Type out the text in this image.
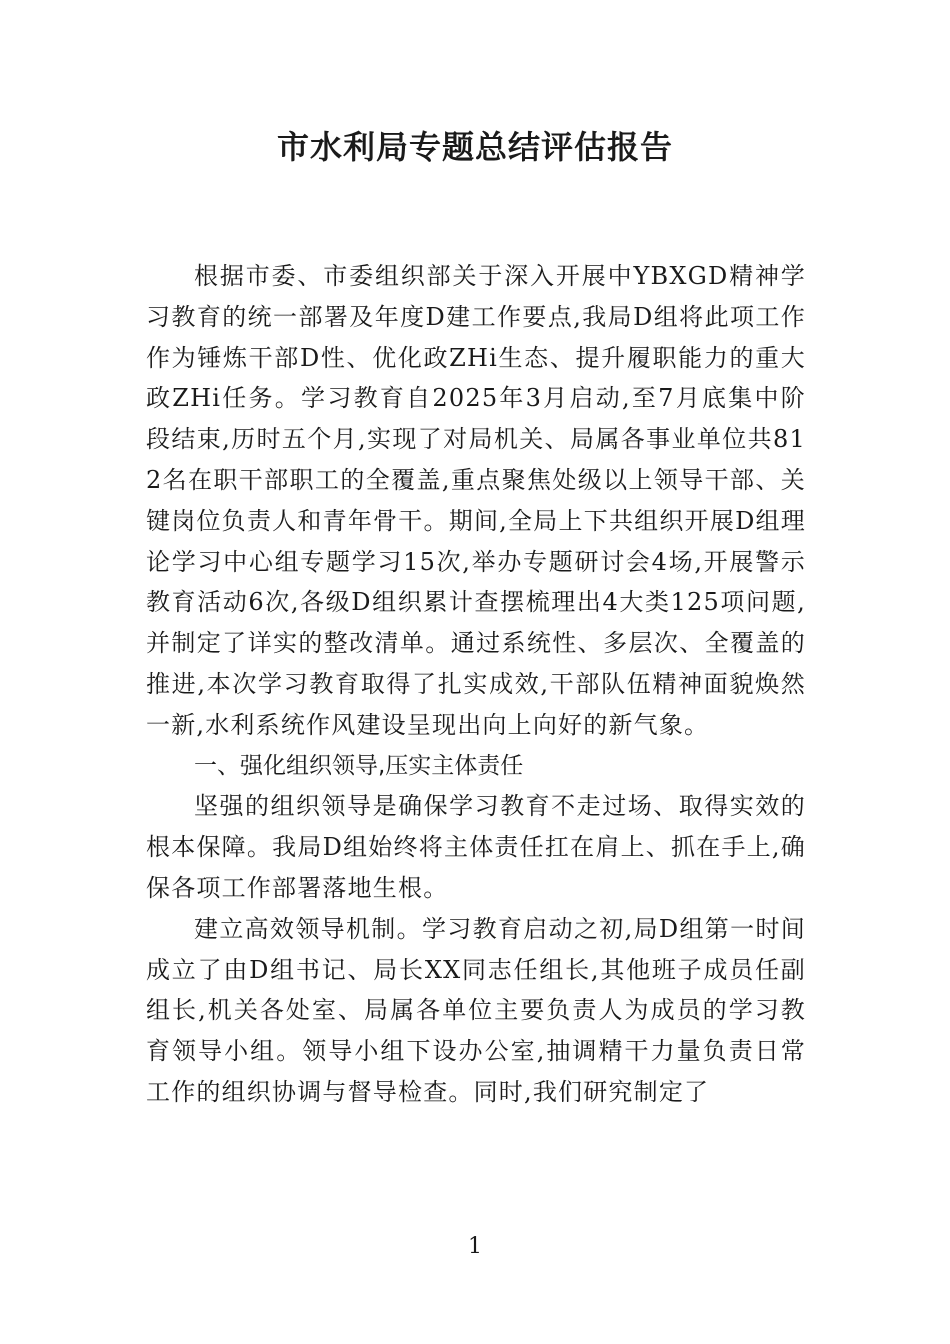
市水利局专题总结评估报告

根据市委、市委组织部关于深入开展中YBXGD精神学习教育的统一部署及年度D建工作要点,我局D组将此项工作作为锤炼干部D性、优化政ZHi生态、提升履职能力的重大政ZHi任务。学习教育自2025年3月启动,至7月底集中阶段结束,历时五个月,实现了对局机关、局属各事业单位共812名在职干部职工的全覆盖,重点聚焦处级以上领导干部、关键岗位负责人和青年骨干。期间,全局上下共组织开展D组理论学习中心组专题学习15次,举办专题研讨会4场,开展警示教育活动6次,各级D组织累计查摆梳理出4大类125项问题,并制定了详实的整改清单。通过系统性、多层次、全覆盖的推进,本次学习教育取得了扎实成效,干部队伍精神面貌焕然一新,水利系统作风建设呈现出向上向好的新气象。

一、强化组织领导,压实主体责任

坚强的组织领导是确保学习教育不走过场、取得实效的根本保障。我局D组始终将主体责任扛在肩上、抓在手上,确保各项工作部署落地生根。

建立高效领导机制。学习教育启动之初,局D组第一时间成立了由D组书记、局长XX同志任组长,其他班子成员任副组长,机关各处室、局属各单位主要负责人为成员的学习教育领导小组。领导小组下设办公室,抽调精干力量负责日常工作的组织协调与督导检查。同时,我们研究制定了

1
